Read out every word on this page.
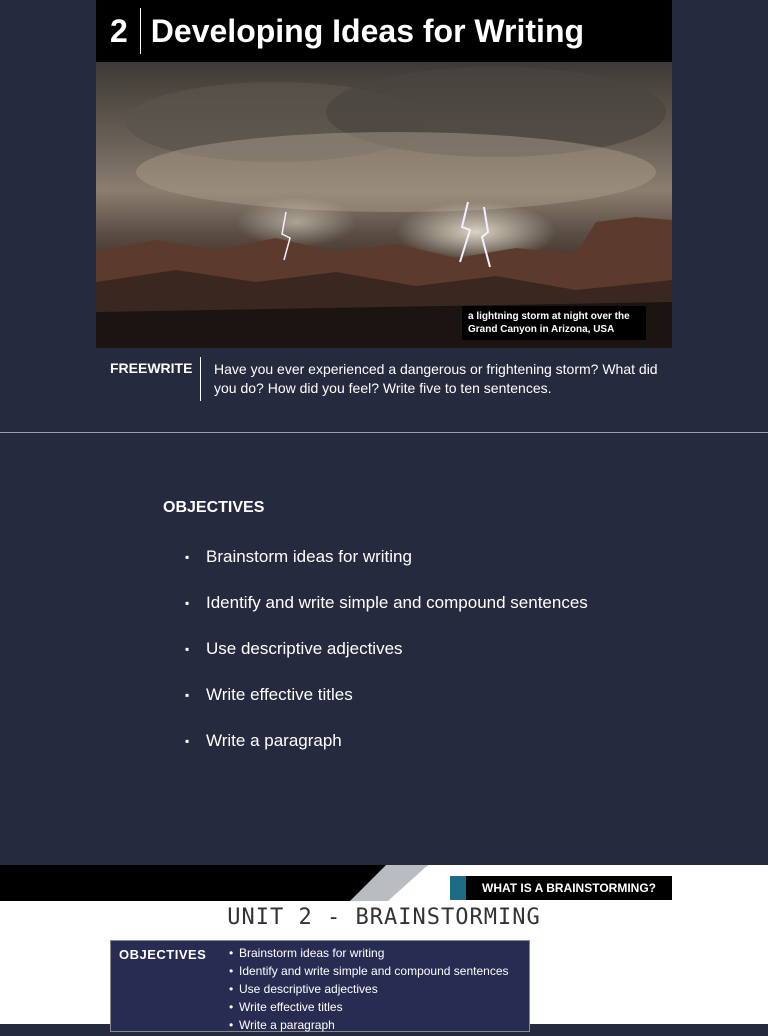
2 Developing Ideas for Writing
a lightning storm at night over the Grand Canyon in Arizona, USA
FREEWRITE Have you ever experienced a dangerous or frightening storm? What did you do? How did you feel? Write five to ten sentences.
OBJECTIVES
▪ Brainstorm ideas for writing
▪ Identify and write simple and compound sentences
▪ Use descriptive adjectives
▪ Write effective titles
▪ Write a paragraph
WHAT IS A BRAINSTORMING?
UNIT 2 - BRAINSTORMING
OBJECTIVES • Brainstorm ideas for writing
• Identify and write simple and compound sentences
• Use descriptive adjectives
• Write effective titles
• Write a paragraph
